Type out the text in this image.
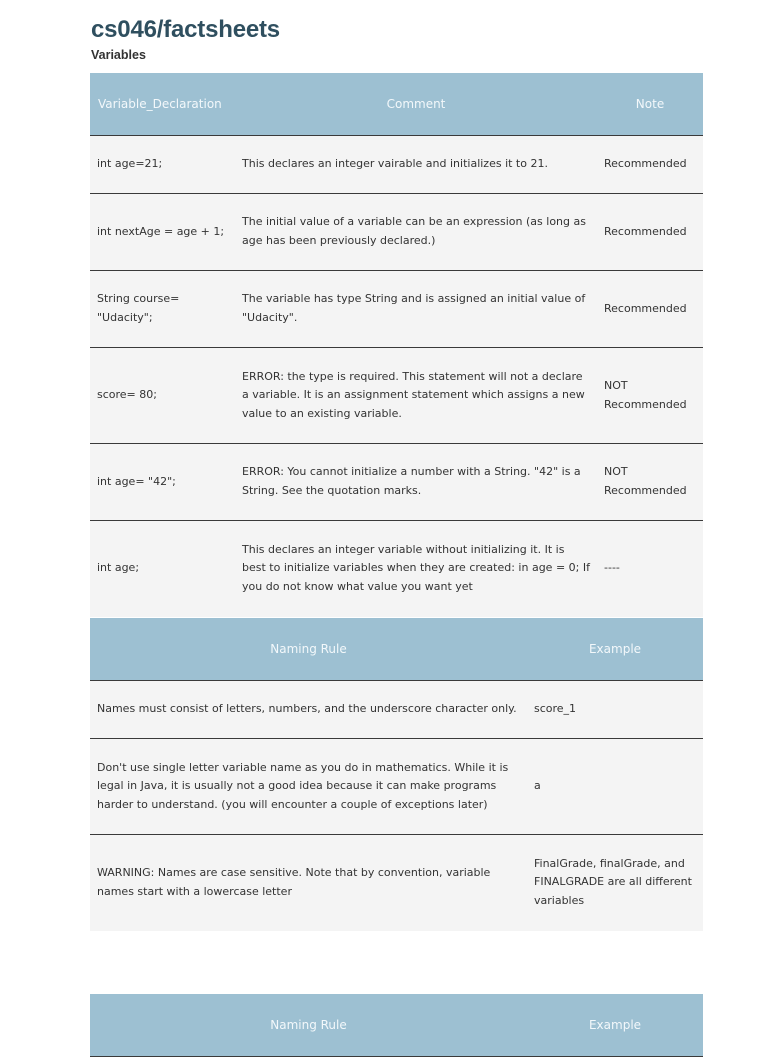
cs046/factsheets
Variables
Variable_Declaration	Comment	Note
int age=21;	This declares an integer vairable and initializes it to 21.	Recommended
int nextAge = age + 1;	The initial value of a variable can be an expression (as long as age has been previously declared.)	Recommended
String course= "Udacity";	The variable has type String and is assigned an initial value of "Udacity".	Recommended
score= 80;	ERROR: the type is required. This statement will not a declare a variable. It is an assignment statement which assigns a new value to an existing variable.	NOT Recommended
int age= "42";	ERROR: You cannot initialize a number with a String. "42" is a String. See the quotation marks.	NOT Recommended
int age;	This declares an integer variable without initializing it. It is best to initialize variables when they are created: in age = 0; If you do not know what value you want yet	----
Naming Rule	Example
Names must consist of letters, numbers, and the underscore character only.	score_1
Don't use single letter variable name as you do in mathematics. While it is legal in Java, it is usually not a good idea because it can make programs harder to understand. (you will encounter a couple of exceptions later)	a
WARNING: Names are case sensitive. Note that by convention, variable names start with a lowercase letter	FinalGrade, finalGrade, and FINALGRADE are all different variables
Naming Rule	Example
